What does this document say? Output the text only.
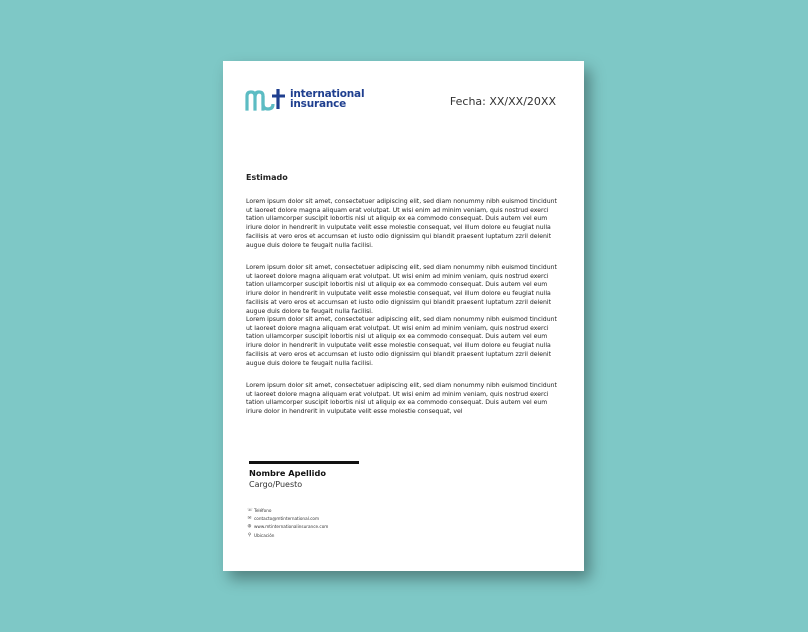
international
insurance	Fecha: XX/XX/20XX
Estimado

Lorem ipsum dolor sit amet, consectetuer adipiscing elit, sed diam nonummy nibh euismod tincidunt ut laoreet dolore magna aliquam erat volutpat. Ut wisi enim ad minim veniam, quis nostrud exerci tation ullamcorper suscipit lobortis nisl ut aliquip ex ea commodo consequat. Duis autem vel eum iriure dolor in hendrerit in vulputate velit esse molestie consequat, vel illum dolore eu feugiat nulla facilisis at vero eros et accumsan et iusto odio dignissim qui blandit praesent luptatum zzril delenit augue duis dolore te feugait nulla facilisi.

Lorem ipsum dolor sit amet, consectetuer adipiscing elit, sed diam nonummy nibh euismod tincidunt ut laoreet dolore magna aliquam erat volutpat. Ut wisi enim ad minim veniam, quis nostrud exerci tation ullamcorper suscipit lobortis nisl ut aliquip ex ea commodo consequat. Duis autem vel eum iriure dolor in hendrerit in vulputate velit esse molestie consequat, vel illum dolore eu feugiat nulla facilisis at vero eros et accumsan et iusto odio dignissim qui blandit praesent luptatum zzril delenit augue duis dolore te feugait nulla facilisi.

Lorem ipsum dolor sit amet, consectetuer adipiscing elit, sed diam nonummy nibh euismod tincidunt ut laoreet dolore magna aliquam erat volutpat. Ut wisi enim ad minim veniam, quis nostrud exerci tation ullamcorper suscipit lobortis nisl ut aliquip ex ea commodo consequat. Duis autem vel eum iriure dolor in hendrerit in vulputate velit esse molestie consequat, vel illum dolore eu feugiat nulla facilisis at vero eros et accumsan et iusto odio dignissim qui blandit praesent luptatum zzril delenit augue duis dolore te feugait nulla facilisi.

Lorem ipsum dolor sit amet, consectetuer adipiscing elit, sed diam nonummy nibh euismod tincidunt ut laoreet dolore magna aliquam erat volutpat. Ut wisi enim ad minim veniam, quis nostrud exerci tation ullamcorper suscipit lobortis nisl ut aliquip ex ea commodo consequat. Duis autem vel eum iriure dolor in hendrerit in vulputate velit esse molestie consequat, vel

Nombre Apellido
Cargo/Puesto
☏ Teléfono
✉ contacto@mtinternational.com
◍ www.mtinternationalinsurance.com
⚲ Ubicación
